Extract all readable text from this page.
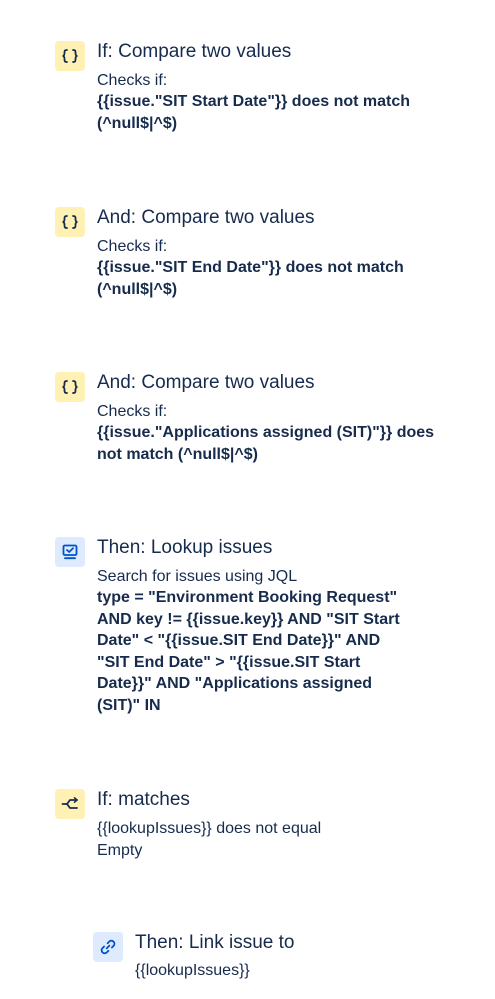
If: Compare two values
Checks if:
{{issue."SIT Start Date"}} does not match (^null$|^$)
And: Compare two values
Checks if:
{{issue."SIT End Date"}} does not match (^null$|^$)
And: Compare two values
Checks if:
{{issue."Applications assigned (SIT)"}} does not match (^null$|^$)
Then: Lookup issues
Search for issues using JQL
type = "Environment Booking Request" AND key != {{issue.key}} AND "SIT Start Date" < "{{issue.SIT End Date}}" AND "SIT End Date" > "{{issue.SIT Start Date}}" AND "Applications assigned (SIT)" IN
If: matches
{{lookupIssues}} does not equal Empty
Then: Link issue to
{{lookupIssues}}
